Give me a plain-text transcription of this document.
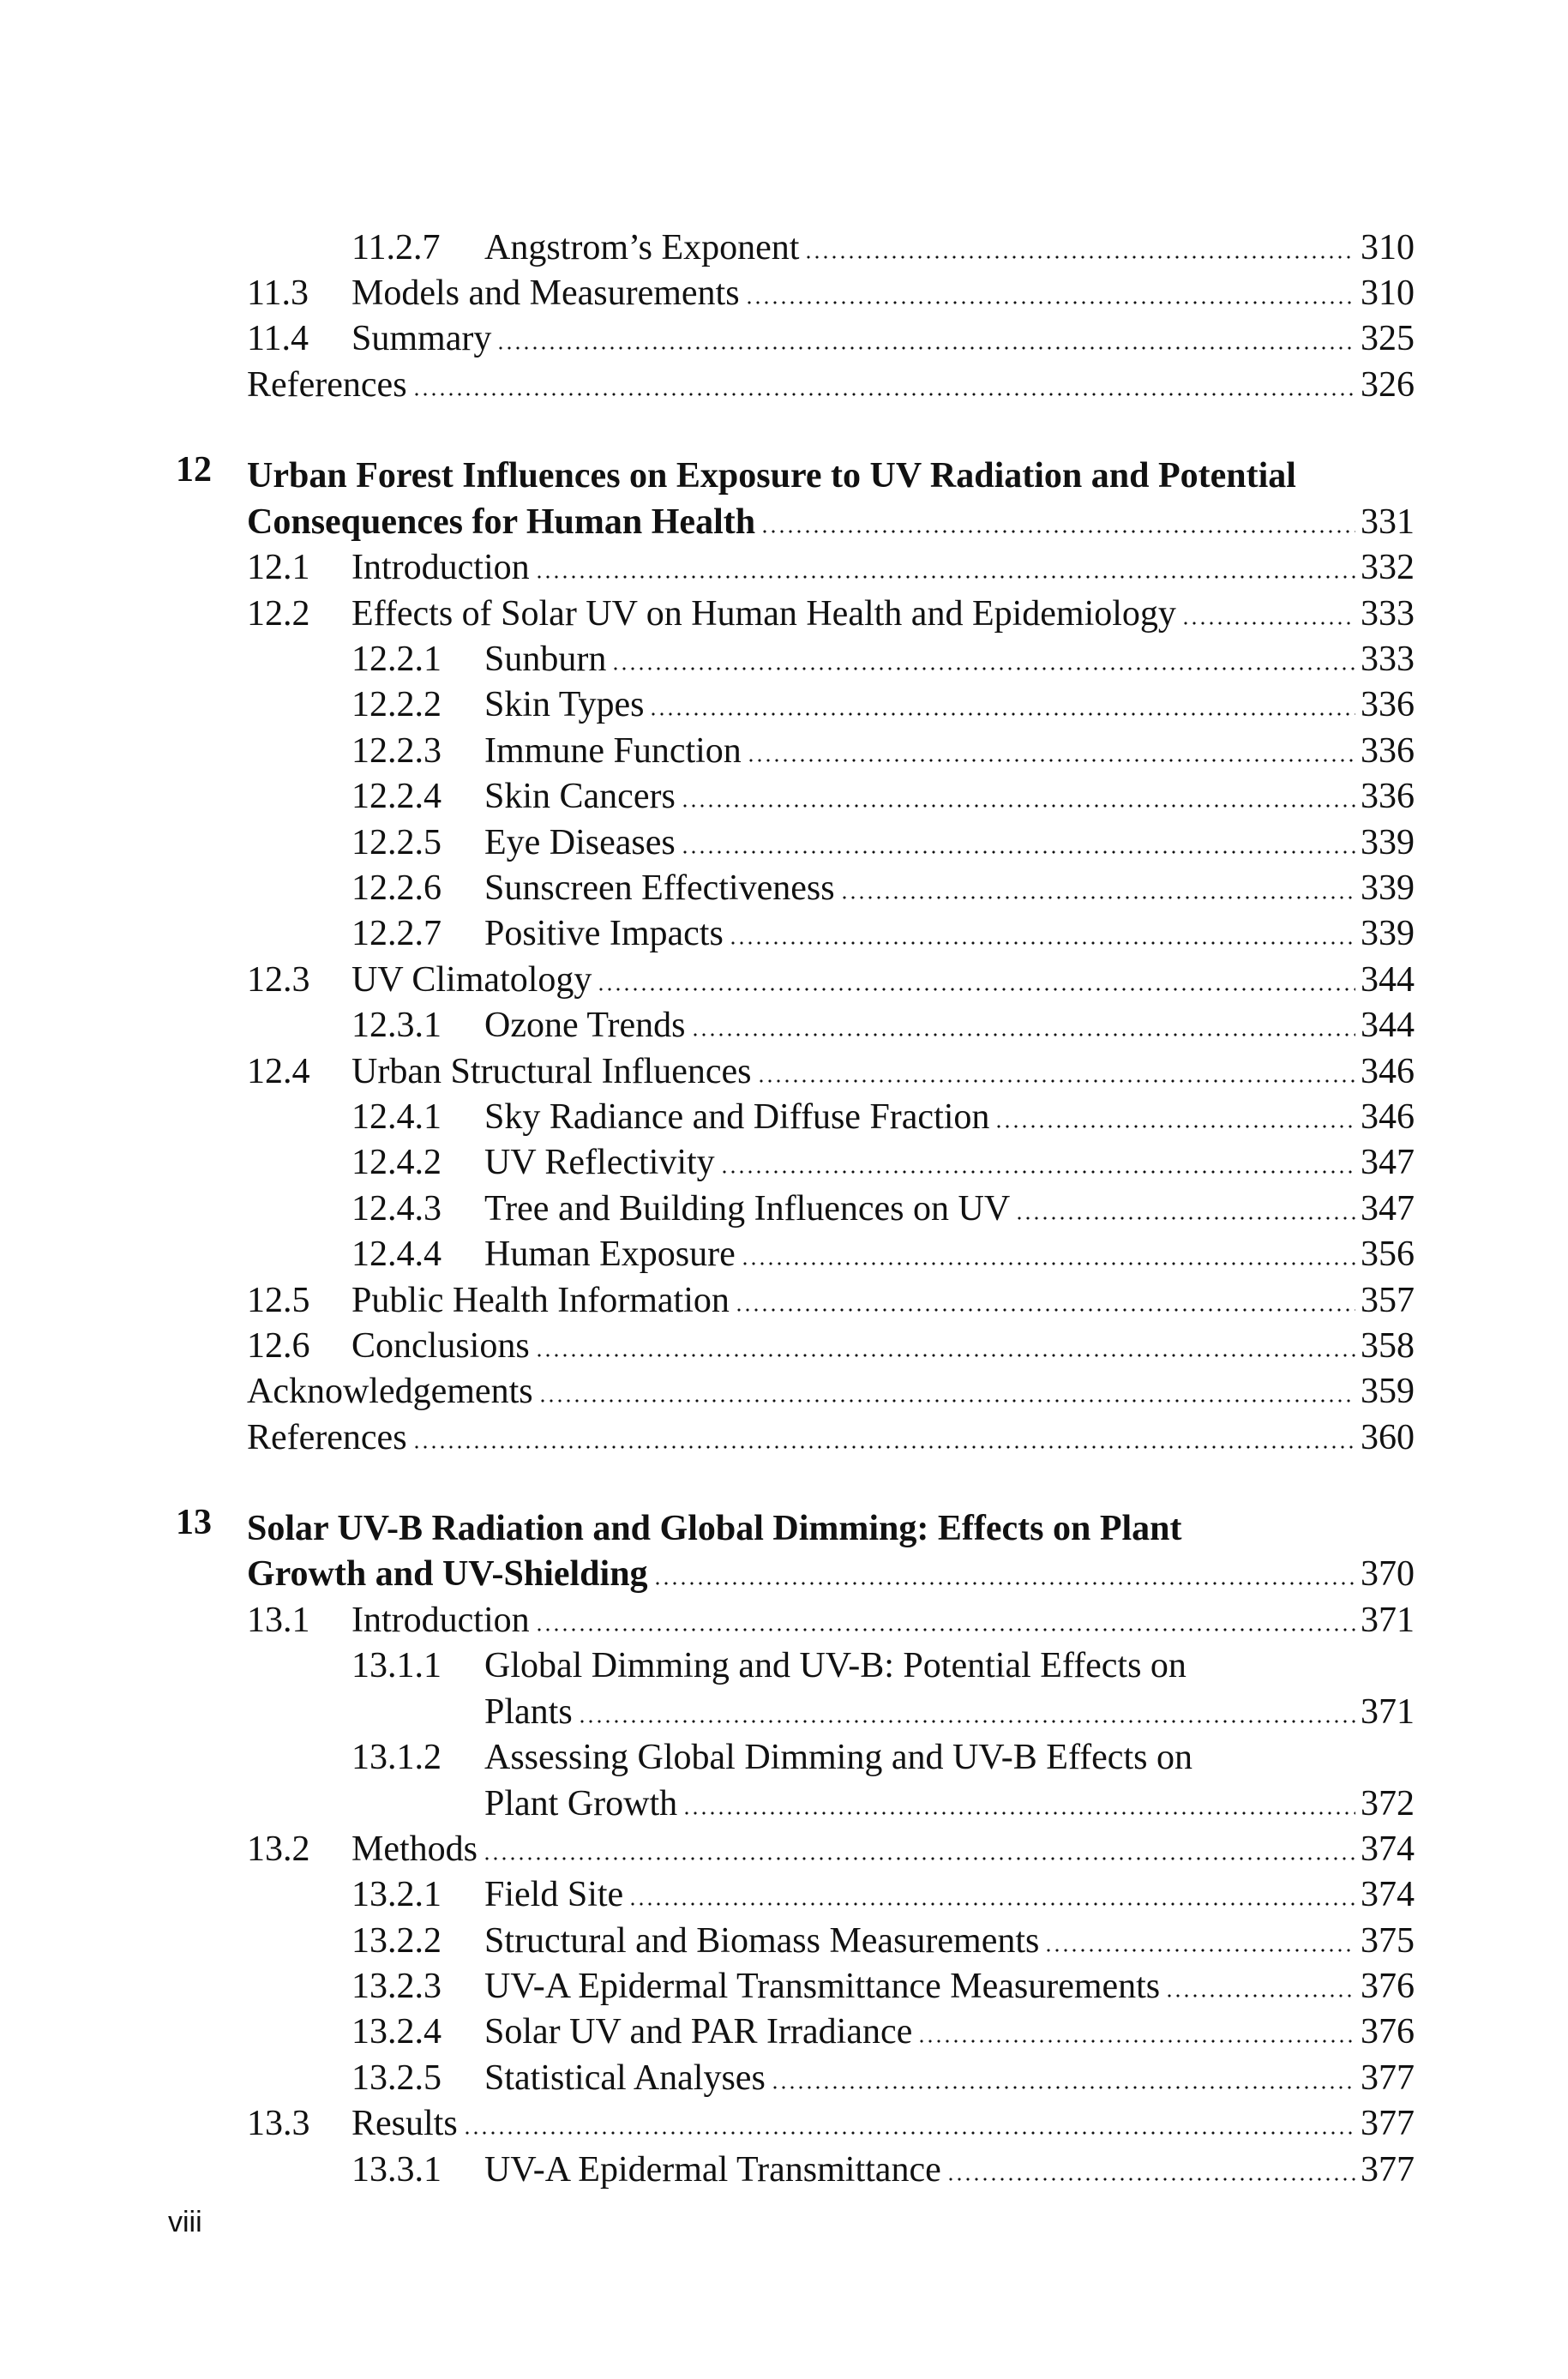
11.2.7	Angstrom’s Exponent	310
11.3	Models and Measurements	310
11.4	Summary	325
References	326
12 Urban Forest Influences on Exposure to UV Radiation and Potential
Consequences for Human Health	331
12.1	Introduction	332
12.2	Effects of Solar UV on Human Health and Epidemiology	333
12.2.1	Sunburn	333
12.2.2	Skin Types	336
12.2.3	Immune Function	336
12.2.4	Skin Cancers	336
12.2.5	Eye Diseases	339
12.2.6	Sunscreen Effectiveness	339
12.2.7	Positive Impacts	339
12.3	UV Climatology	344
12.3.1	Ozone Trends	344
12.4	Urban Structural Influences	346
12.4.1	Sky Radiance and Diffuse Fraction	346
12.4.2	UV Reflectivity	347
12.4.3	Tree and Building Influences on UV	347
12.4.4	Human Exposure	356
12.5	Public Health Information	357
12.6	Conclusions	358
Acknowledgements	359
References	360
13 Solar UV-B Radiation and Global Dimming: Effects on Plant
Growth and UV-Shielding	370
13.1	Introduction	371
13.1.1	Global Dimming and UV-B: Potential Effects on
Plants	371
13.1.2	Assessing Global Dimming and UV-B Effects on
Plant Growth	372
13.2	Methods	374
13.2.1	Field Site	374
13.2.2	Structural and Biomass Measurements	375
13.2.3	UV-A Epidermal Transmittance Measurements	376
13.2.4	Solar UV and PAR Irradiance	376
13.2.5	Statistical Analyses	377
13.3	Results	377
13.3.1	UV-A Epidermal Transmittance	377
viii
